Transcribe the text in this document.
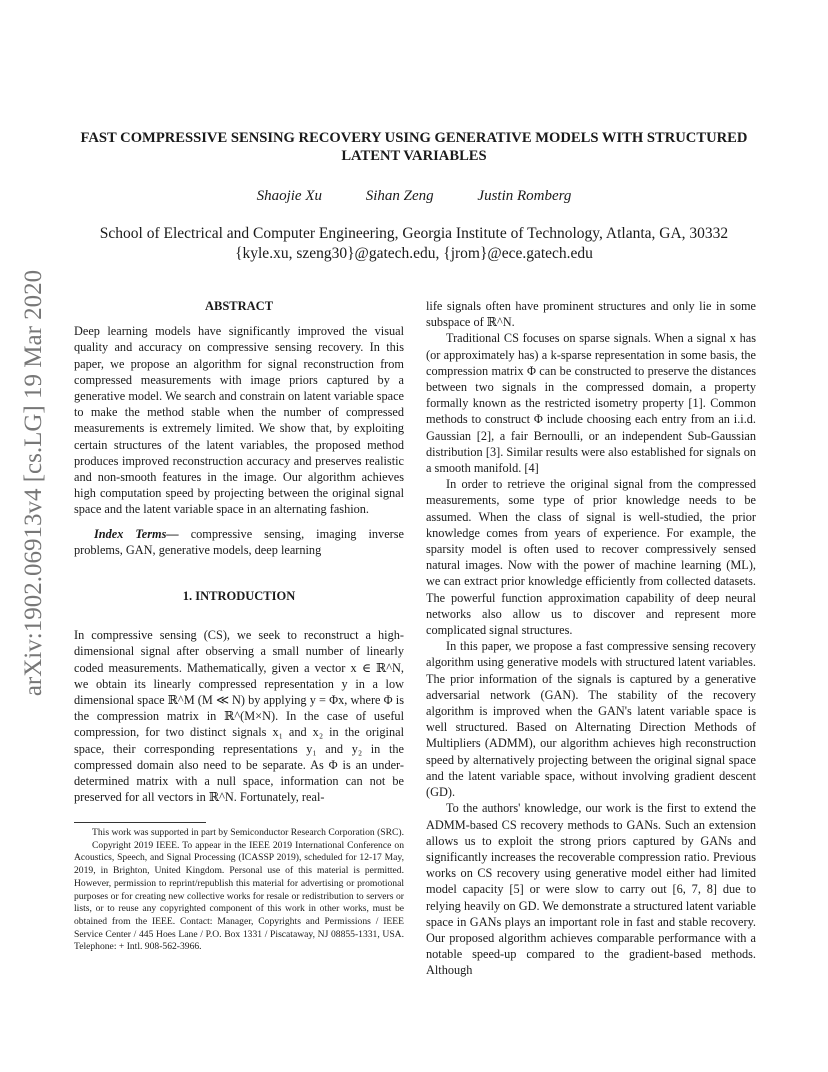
FAST COMPRESSIVE SENSING RECOVERY USING GENERATIVE MODELS WITH STRUCTURED LATENT VARIABLES
Shaojie Xu	Sihan Zeng	Justin Romberg
School of Electrical and Computer Engineering, Georgia Institute of Technology, Atlanta, GA, 30332
{kyle.xu, szeng30}@gatech.edu, {jrom}@ece.gatech.edu
arXiv:1902.06913v4 [cs.LG] 19 Mar 2020	ABSTRACT

Deep learning models have significantly improved the visual quality and accuracy on compressive sensing recovery. In this paper, we propose an algorithm for signal reconstruction from compressed measurements with image priors captured by a generative model. We search and constrain on latent variable space to make the method stable when the number of compressed measurements is extremely limited. We show that, by exploiting certain structures of the latent variables, the proposed method produces improved reconstruction accuracy and preserves realistic and non-smooth features in the image. Our algorithm achieves high computation speed by projecting between the original signal space and the latent variable space in an alternating fashion.

Index Terms— compressive sensing, imaging inverse problems, GAN, generative models, deep learning

1. INTRODUCTION

In compressive sensing (CS), we seek to reconstruct a high-dimensional signal after observing a small number of linearly coded measurements. Mathematically, given a vector x ∈ ℝ^N, we obtain its linearly compressed representation y in a low dimensional space ℝ^M (M ≪ N) by applying y = Φx, where Φ is the compression matrix in ℝ^(M×N). In the case of useful compression, for two distinct signals x₁ and x₂ in the original space, their corresponding representations y₁ and y₂ in the compressed domain also need to be separate. As Φ is an under-determined matrix with a null space, information can not be preserved for all vectors in ℝ^N. Fortunately, real-

life signals often have prominent structures and only lie in some subspace of ℝ^N.

Traditional CS focuses on sparse signals. When a signal x has (or approximately has) a k-sparse representation in some basis, the compression matrix Φ can be constructed to preserve the distances between two signals in the compressed domain, a property formally known as the restricted isometry property [1]. Common methods to construct Φ include choosing each entry from an i.i.d. Gaussian [2], a fair Bernoulli, or an independent Sub-Gaussian distribution [3]. Similar results were also established for signals on a smooth manifold. [4]

In order to retrieve the original signal from the compressed measurements, some type of prior knowledge needs to be assumed. When the class of signal is well-studied, the prior knowledge comes from years of experience. For example, the sparsity model is often used to recover compressively sensed natural images. Now with the power of machine learning (ML), we can extract prior knowledge efficiently from collected datasets. The powerful function approximation capability of deep neural networks also allow us to discover and represent more complicated signal structures.

In this paper, we propose a fast compressive sensing recovery algorithm using generative models with structured latent variables. The prior information of the signals is captured by a generative adversarial network (GAN). The stability of the recovery algorithm is improved when the GAN's latent variable space is well structured. Based on Alternating Direction Methods of Multipliers (ADMM), our algorithm achieves high reconstruction speed by alternatively projecting between the original signal space and the latent variable space, without involving gradient descent (GD).

To the authors' knowledge, our work is the first to extend the ADMM-based CS recovery methods to GANs. Such an extension allows us to exploit the strong priors captured by GANs and significantly increases the recoverable compression ratio. Previous works on CS recovery using generative model either had limited model capacity [5] or were slow to carry out [6, 7, 8] due to relying heavily on GD. We demonstrate a structured latent variable space in GANs plays an important role in fast and stable recovery. Our proposed algorithm achieves comparable performance with a notable speed-up compared to the gradient-based methods. Although

This work was supported in part by Semiconductor Research Corporation (SRC).

Copyright 2019 IEEE. To appear in the IEEE 2019 International Conference on Acoustics, Speech, and Signal Processing (ICASSP 2019), scheduled for 12-17 May, 2019, in Brighton, United Kingdom. Personal use of this material is permitted. However, permission to reprint/republish this material for advertising or promotional purposes or for creating new collective works for resale or redistribution to servers or lists, or to reuse any copyrighted component of this work in other works, must be obtained from the IEEE. Contact: Manager, Copyrights and Permissions / IEEE Service Center / 445 Hoes Lane / P.O. Box 1331 / Piscataway, NJ 08855-1331, USA. Telephone: + Intl. 908-562-3966.
